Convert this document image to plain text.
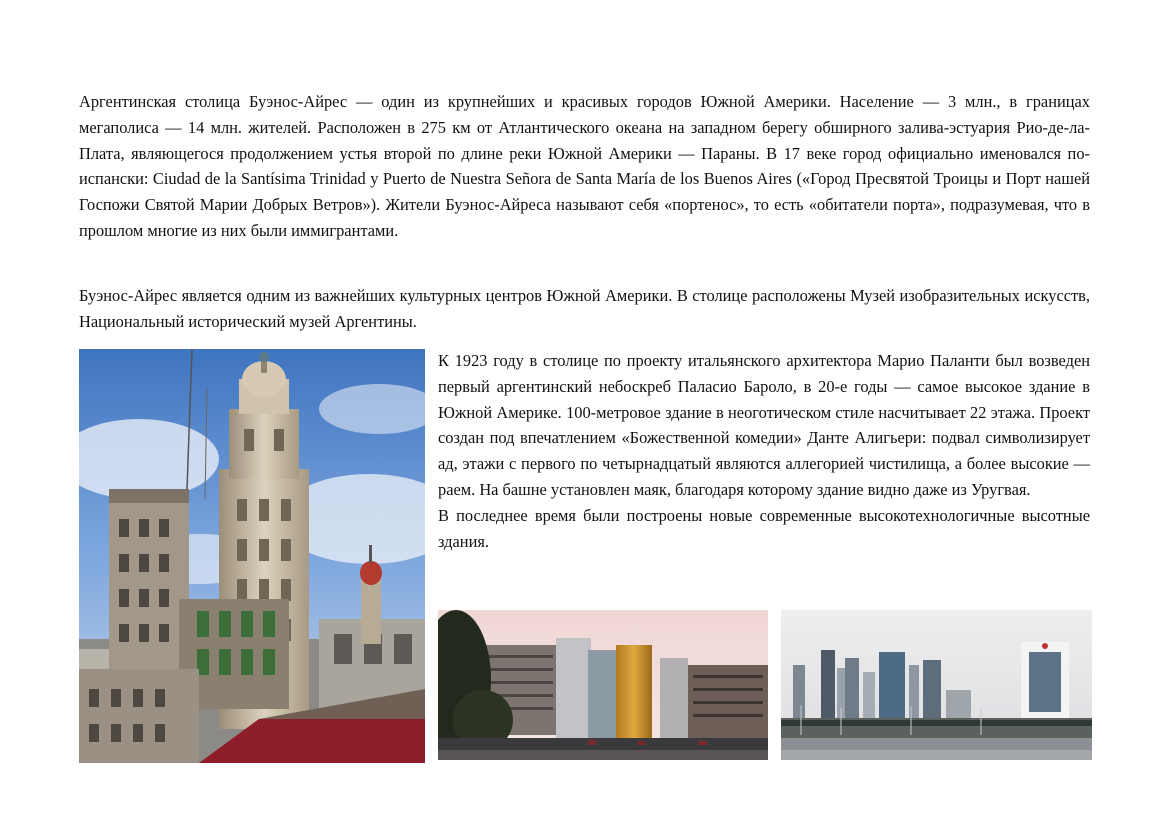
Аргентинская столица Буэнос-Айрес — один из крупнейших и красивых городов Южной Америки. Население — 3 млн., в границах мегаполиса — 14 млн. жителей. Расположен в 275 км от Атлантического океана на западном берегу обширного залива-эстуария Рио-де-ла-Плата, являющегося продолжением устья второй по длине реки Южной Америки — Параны. В 17 веке город официально именовался по-испански: Ciudad de la Santísima Trinidad y Puerto de Nuestra Señora de Santa María de los Buenos Aires («Город Пресвятой Троицы и Порт нашей Госпожи Святой Марии Добрых Ветров»). Жители Буэнос-Айреса называют себя «портенос», то есть «обитатели порта», подразумевая, что в прошлом многие из них были иммигрантами.

Буэнос-Айрес является одним из важнейших культурных центров Южной Америки. В столице расположены Музей изобразительных искусств, Национальный исторический музей Аргентины.

К 1923 году в столице по проекту итальянского архитектора Марио Паланти был возведен первый аргентинский небоскреб Паласио Бароло, в 20-е годы — самое высокое здание в Южной Америке. 100-метровое здание в неоготическом стиле насчитывает 22 этажа. Проект создан под впечатлением «Божественной комедии» Данте Алигьери: подвал символизирует ад, этажи с первого по четырнадцатый являются аллегорией чистилища, а более высокие — раем. На башне установлен маяк, благодаря которому здание видно даже из Уругвая.

В последнее время были построены новые современные высокотехнологичные высотные здания.
